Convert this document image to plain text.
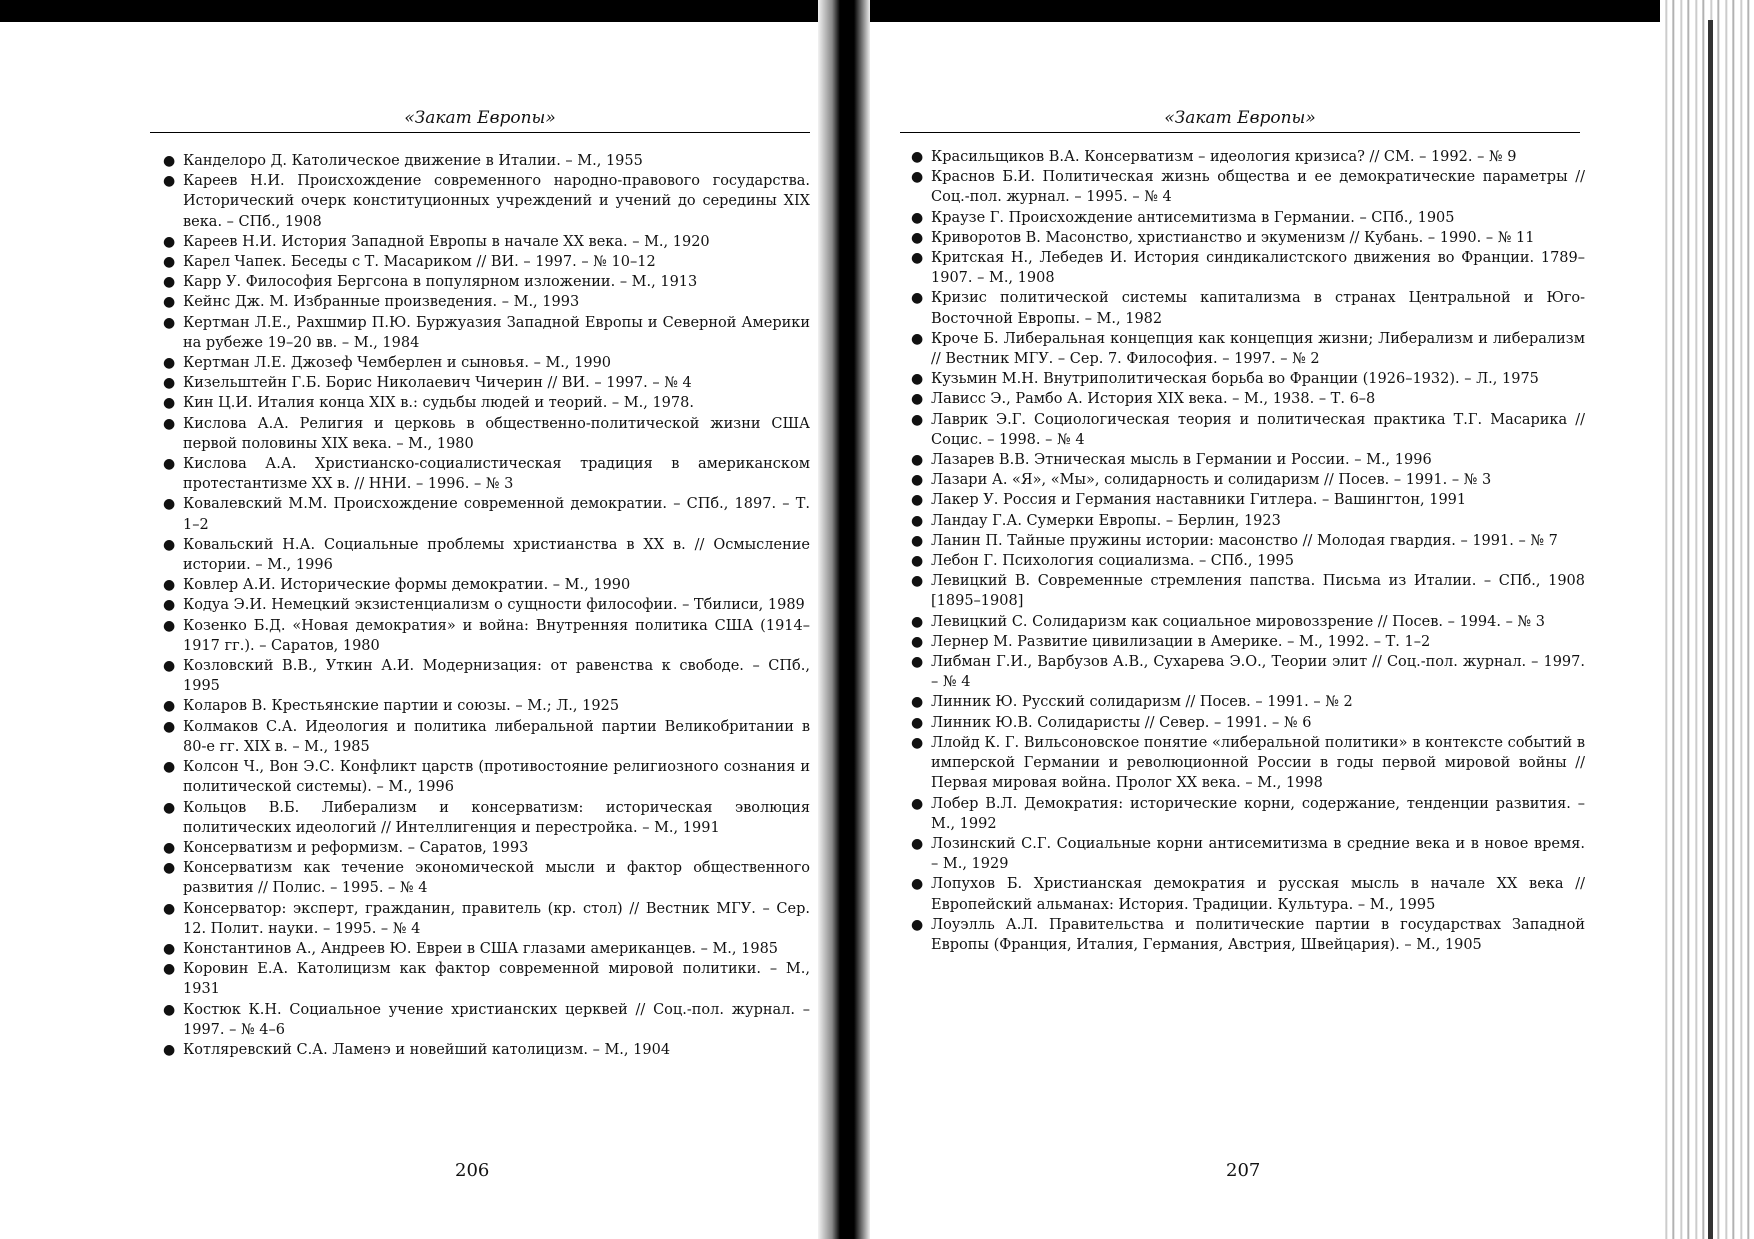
«Закат Европы»
● Канделоро Д. Католическое движение в Италии. – М., 1955
● Кареев Н.И. Происхождение современного народно-правового государства. Исторический очерк конституционных учреждений и учений до середины XIX века. – СПб., 1908
● Кареев Н.И. История Западной Европы в начале XX века. – М., 1920
● Карел Чапек. Беседы с Т. Масариком // ВИ. – 1997. – № 10–12
● Карр У. Философия Бергсона в популярном изложении. – М., 1913
● Кейнс Дж. М. Избранные произведения. – М., 1993
● Кертман Л.Е., Рахшмир П.Ю. Буржуазия Западной Европы и Северной Америки на рубеже 19–20 вв. – М., 1984
● Кертман Л.Е. Джозеф Чемберлен и сыновья. – М., 1990
● Кизельштейн Г.Б. Борис Николаевич Чичерин // ВИ. – 1997. – № 4
● Кин Ц.И. Италия конца XIX в.: судьбы людей и теорий. – М., 1978.
● Кислова А.А. Религия и церковь в общественно-политической жизни США первой половины XIX века. – М., 1980
● Кислова А.А. Христианско-социалистическая традиция в американском протестантизме XX в. // ННИ. – 1996. – № 3
● Ковалевский М.М. Происхождение современной демократии. – СПб., 1897. – Т. 1–2
● Ковальский Н.А. Социальные проблемы христианства в XX в. // Осмысление истории. – М., 1996
● Ковлер А.И. Исторические формы демократии. – М., 1990
● Кодуа Э.И. Немецкий экзистенциализм о сущности философии. – Тбилиси, 1989
● Козенко Б.Д. «Новая демократия» и война: Внутренняя политика США (1914–1917 гг.). – Саратов, 1980
● Козловский В.В., Уткин А.И. Модернизация: от равенства к свободе. – СПб., 1995
● Коларов В. Крестьянские партии и союзы. – М.; Л., 1925
● Колмаков С.А. Идеология и политика либеральной партии Великобритании в 80-е гг. XIX в. – М., 1985
● Колсон Ч., Вон Э.С. Конфликт царств (противостояние религиозного сознания и политической системы). – М., 1996
● Кольцов В.Б. Либерализм и консерватизм: историческая эволюция политических идеологий // Интеллигенция и перестройка. – М., 1991
● Консерватизм и реформизм. – Саратов, 1993
● Консерватизм как течение экономической мысли и фактор общественного развития // Полис. – 1995. – № 4
● Консерватор: эксперт, гражданин, правитель (кр. стол) // Вестник МГУ. – Сер. 12. Полит. науки. – 1995. – № 4
● Константинов А., Андреев Ю. Евреи в США глазами американцев. – М., 1985
● Коровин Е.А. Католицизм как фактор современной мировой политики. – М., 1931
● Костюк К.Н. Социальное учение христианских церквей // Соц.-пол. журнал. – 1997. – № 4–6
● Котляревский С.А. Ламенэ и новейший католицизм. – М., 1904
206
«Закат Европы»
● Красильщиков В.А. Консерватизм – идеология кризиса? // СМ. – 1992. – № 9
● Краснов Б.И. Политическая жизнь общества и ее демократические параметры // Соц.-пол. журнал. – 1995. – № 4
● Краузе Г. Происхождение антисемитизма в Германии. – СПб., 1905
● Криворотов В. Масонство, христианство и экуменизм // Кубань. – 1990. – № 11
● Критская Н., Лебедев И. История синдикалистского движения во Франции. 1789–1907. – М., 1908
● Кризис политической системы капитализма в странах Центральной и Юго-Восточной Европы. – М., 1982
● Кроче Б. Либеральная концепция как концепция жизни; Либерализм и либерализм // Вестник МГУ. – Сер. 7. Философия. – 1997. – № 2
● Кузьмин М.Н. Внутриполитическая борьба во Франции (1926–1932). – Л., 1975
● Лависс Э., Рамбо А. История XIX века. – М., 1938. – Т. 6–8
● Лаврик Э.Г. Социологическая теория и политическая практика Т.Г. Масарика // Социс. – 1998. – № 4
● Лазарев В.В. Этническая мысль в Германии и России. – М., 1996
● Лазари А. «Я», «Мы», солидарность и солидаризм // Посев. – 1991. – № 3
● Лакер У. Россия и Германия наставники Гитлера. – Вашингтон, 1991
● Ландау Г.А. Сумерки Европы. – Берлин, 1923
● Ланин П. Тайные пружины истории: масонство // Молодая гвардия. – 1991. – № 7
● Лебон Г. Психология социализма. – СПб., 1995
● Левицкий В. Современные стремления папства. Письма из Италии. – СПб., 1908 [1895–1908]
● Левицкий С. Солидаризм как социальное мировоззрение // Посев. – 1994. – № 3
● Лернер М. Развитие цивилизации в Америке. – М., 1992. – Т. 1–2
● Либман Г.И., Варбузов А.В., Сухарева Э.О., Теории элит // Соц.-пол. журнал. – 1997. – № 4
● Линник Ю. Русский солидаризм // Посев. – 1991. – № 2
● Линник Ю.В. Солидаристы // Север. – 1991. – № 6
● Ллойд К. Г. Вильсоновское понятие «либеральной политики» в контексте событий в имперской Германии и революционной России в годы первой мировой войны // Первая мировая война. Пролог XX века. – М., 1998
● Лобер В.Л. Демократия: исторические корни, содержание, тенденции развития. – М., 1992
● Лозинский С.Г. Социальные корни антисемитизма в средние века и в новое время. – М., 1929
● Лопухов Б. Христианская демократия и русская мысль в начале XX века // Европейский альманах: История. Традиции. Культура. – М., 1995
● Лоуэлль А.Л. Правительства и политические партии в государствах Западной Европы (Франция, Италия, Германия, Австрия, Швейцария). – М., 1905
207
